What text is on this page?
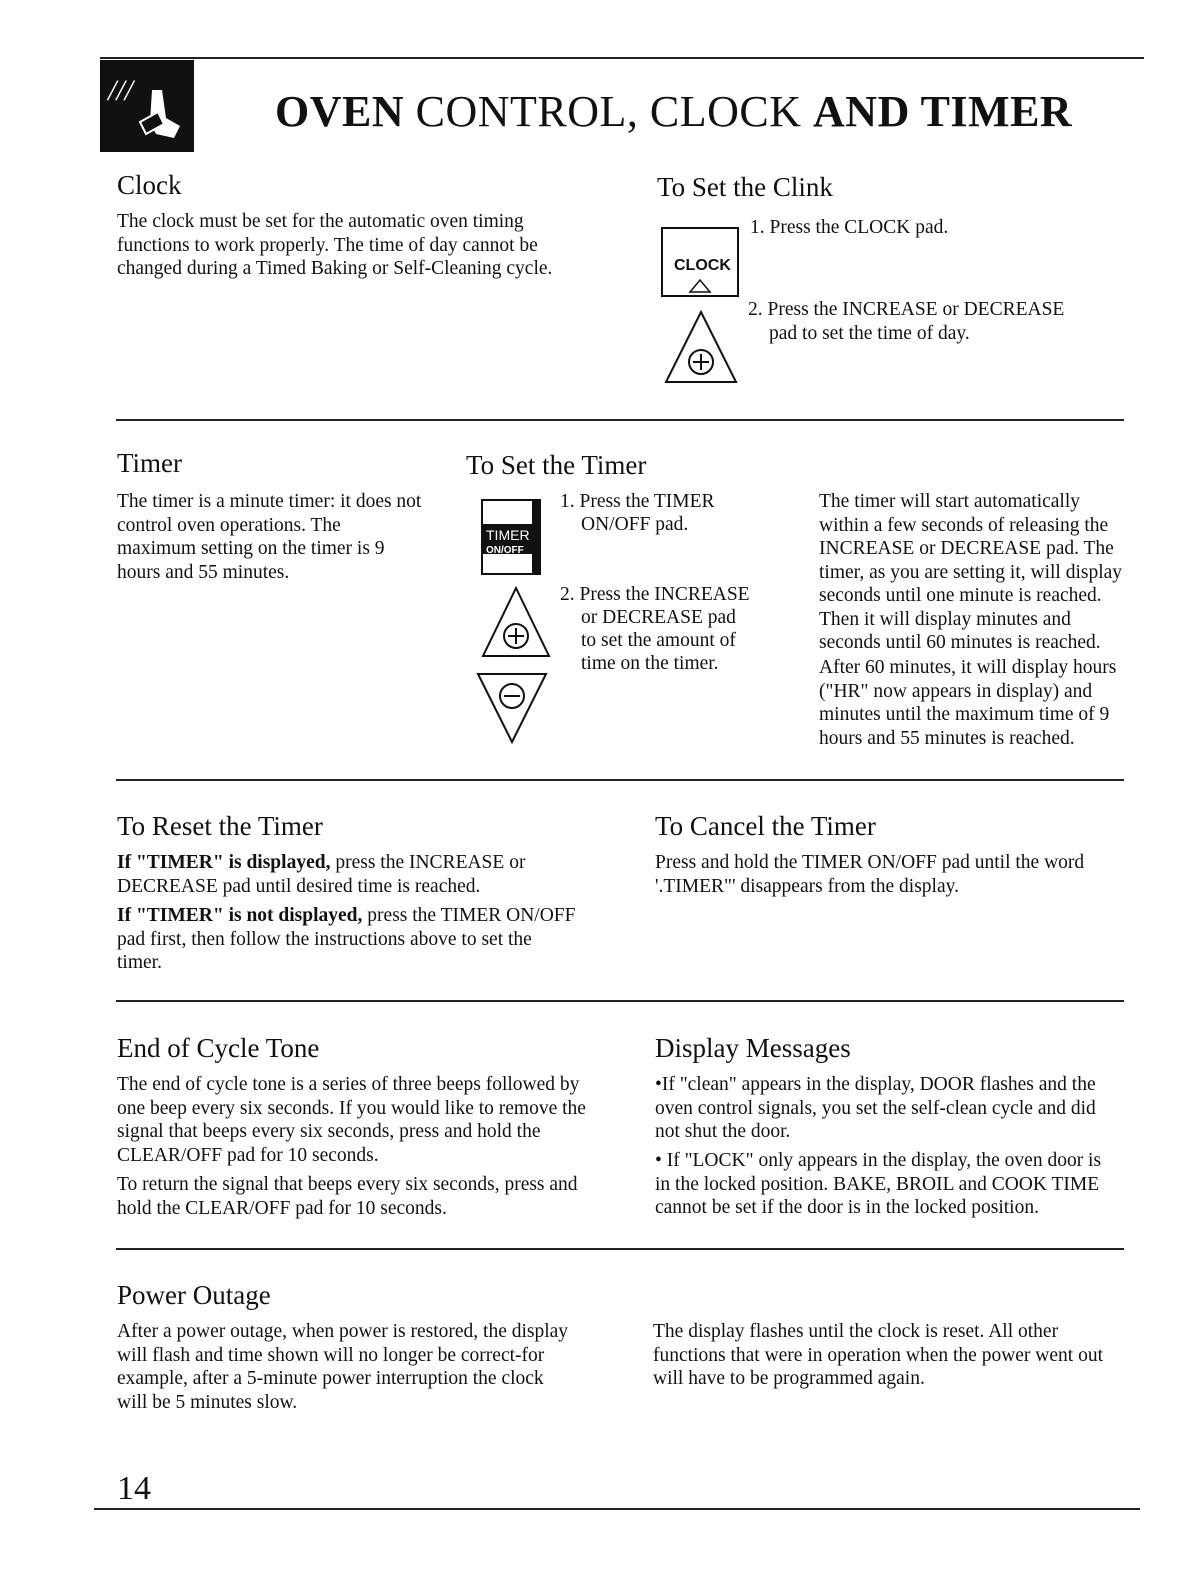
///	OVEN CONTROL, CLOCK AND TIMER
Clock
The clock must be set for the automatic oven timing functions to work properly. The time of day cannot be changed during a Timed Baking or Self-Cleaning cycle.
To Set the Clink
CLOCK
1. Press the CLOCK pad.
2. Press the INCREASE or DECREASE
pad to set the time of day.
Timer
The timer is a minute timer: it does not control oven operations. The maximum setting on the timer is 9 hours and 55 minutes.
To Set the Timer
TIMER
ON/OFF
1. Press the TIMER
ON/OFF pad.
2. Press the INCREASE
or DECREASE pad
to set the amount of
time on the timer.
The timer will start automatically within a few seconds of releasing the INCREASE or DECREASE pad. The timer, as you are setting it, will display seconds until one minute is reached. Then it will display minutes and seconds until 60 minutes is reached.
After 60 minutes, it will display hours ("HR" now appears in display) and minutes until the maximum time of 9 hours and 55 minutes is reached.
To Reset the Timer
If "TIMER" is displayed, press the INCREASE or DECREASE pad until desired time is reached.
If "TIMER" is not displayed, press the TIMER ON/OFF pad first, then follow the instructions above to set the timer.
To Cancel the Timer
Press and hold the TIMER ON/OFF pad until the word '.TIMER"' disappears from the display.
End of Cycle Tone
The end of cycle tone is a series of three beeps followed by one beep every six seconds. If you would like to remove the signal that beeps every six seconds, press and hold the CLEAR/OFF pad for 10 seconds.
To return the signal that beeps every six seconds, press and hold the CLEAR/OFF pad for 10 seconds.
Display Messages
•If "clean" appears in the display, DOOR flashes and the oven control signals, you set the self-clean cycle and did not shut the door.
• If "LOCK" only appears in the display, the oven door is in the locked position. BAKE, BROIL and COOK TIME cannot be set if the door is in the locked position.
Power Outage
After a power outage, when power is restored, the display will flash and time shown will no longer be correct-for example, after a 5-minute power interruption the clock will be 5 minutes slow.
The display flashes until the clock is reset. All other functions that were in operation when the power went out will have to be programmed again.
14
